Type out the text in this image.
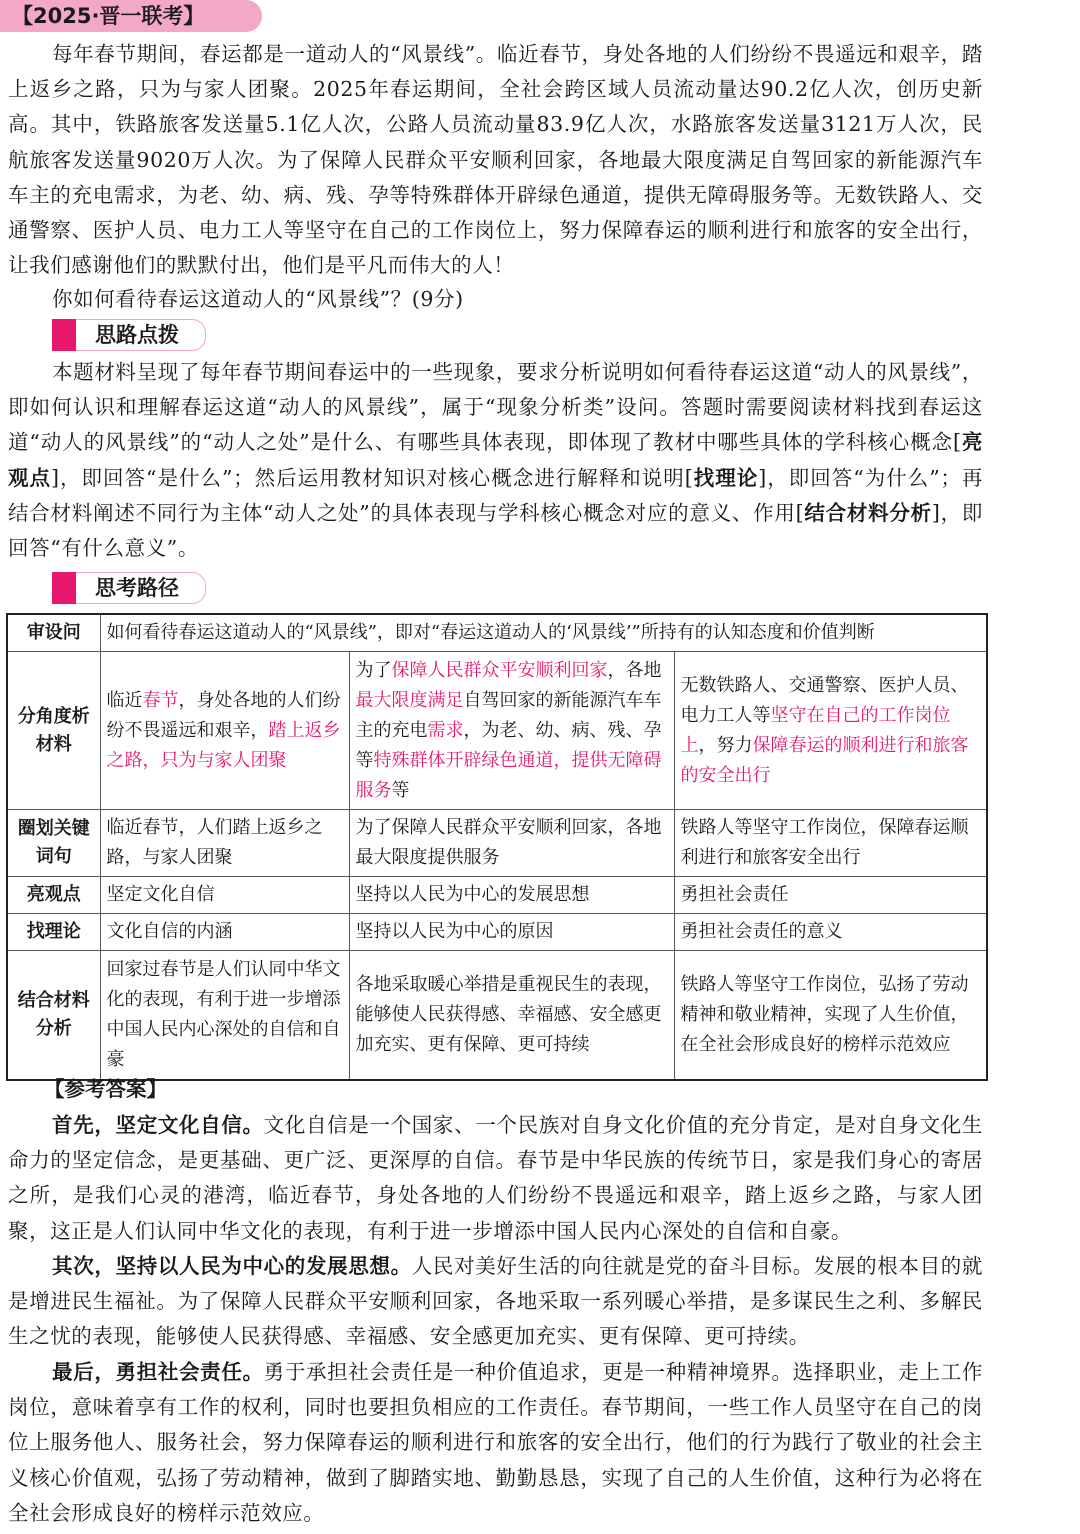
【2025·晋一联考】

每年春节期间，春运都是一道动人的“风景线”。临近春节，身处各地的人们纷纷不畏遥远和艰辛，踏上返乡之路，只为与家人团聚。2025年春运期间，全社会跨区域人员流动量达90.2亿人次，创历史新高。其中，铁路旅客发送量5.1亿人次，公路人员流动量83.9亿人次，水路旅客发送量3121万人次，民航旅客发送量9020万人次。为了保障人民群众平安顺利回家，各地最大限度满足自驾回家的新能源汽车车主的充电需求，为老、幼、病、残、孕等特殊群体开辟绿色通道，提供无障碍服务等。无数铁路人、交通警察、医护人员、电力工人等坚守在自己的工作岗位上，努力保障春运的顺利进行和旅客的安全出行，让我们感谢他们的默默付出，他们是平凡而伟大的人！

你如何看待春运这道动人的“风景线”？(9分)

思路点拨

本题材料呈现了每年春节期间春运中的一些现象，要求分析说明如何看待春运这道“动人的风景线”，即如何认识和理解春运这道“动人的风景线”，属于“现象分析类”设问。答题时需要阅读材料找到春运这道“动人的风景线”的“动人之处”是什么、有哪些具体表现，即体现了教材中哪些具体的学科核心概念[亮观点]，即回答“是什么”；然后运用教材知识对核心概念进行解释和说明[找理论]，即回答“为什么”；再结合材料阐述不同行为主体“动人之处”的具体表现与学科核心概念对应的意义、作用[结合材料分析]，即回答“有什么意义”。

思考路径
审设问	如何看待春运这道动人的“风景线”，即对“春运这道动人的‘风景线’”所持有的认知态度和价值判断		
分角度析材料	临近春节，身处各地的人们纷纷不畏遥远和艰辛，踏上返乡之路，只为与家人团聚	为了保障人民群众平安顺利回家，各地最大限度满足自驾回家的新能源汽车车主的充电需求，为老、幼、病、残、孕等特殊群体开辟绿色通道，提供无障碍服务等	无数铁路人、交通警察、医护人员、电力工人等坚守在自己的工作岗位上，努力保障春运的顺利进行和旅客的安全出行
圈划关键词句	临近春节，人们踏上返乡之路，与家人团聚	为了保障人民群众平安顺利回家，各地最大限度提供服务	铁路人等坚守工作岗位，保障春运顺利进行和旅客安全出行
亮观点	坚定文化自信	坚持以人民为中心的发展思想	勇担社会责任
找理论	文化自信的内涵	坚持以人民为中心的原因	勇担社会责任的意义
结合材料分析	回家过春节是人们认同中华文化的表现，有利于进一步增添中国人民内心深处的自信和自豪	各地采取暖心举措是重视民生的表现，能够使人民获得感、幸福感、安全感更加充实、更有保障、更可持续	铁路人等坚守工作岗位，弘扬了劳动精神和敬业精神，实现了人生价值，在全社会形成良好的榜样示范效应
【参考答案】

首先，坚定文化自信。文化自信是一个国家、一个民族对自身文化价值的充分肯定，是对自身文化生命力的坚定信念，是更基础、更广泛、更深厚的自信。春节是中华民族的传统节日，家是我们身心的寄居之所，是我们心灵的港湾，临近春节，身处各地的人们纷纷不畏遥远和艰辛，踏上返乡之路，与家人团聚，这正是人们认同中华文化的表现，有利于进一步增添中国人民内心深处的自信和自豪。

其次，坚持以人民为中心的发展思想。人民对美好生活的向往就是党的奋斗目标。发展的根本目的就是增进民生福祉。为了保障人民群众平安顺利回家，各地采取一系列暖心举措，是多谋民生之利、多解民生之忧的表现，能够使人民获得感、幸福感、安全感更加充实、更有保障、更可持续。

最后，勇担社会责任。勇于承担社会责任是一种价值追求，更是一种精神境界。选择职业，走上工作岗位，意味着享有工作的权利，同时也要担负相应的工作责任。春节期间，一些工作人员坚守在自己的岗位上服务他人、服务社会，努力保障春运的顺利进行和旅客的安全出行，他们的行为践行了敬业的社会主义核心价值观，弘扬了劳动精神，做到了脚踏实地、勤勤恳恳，实现了自己的人生价值，这种行为必将在全社会形成良好的榜样示范效应。
